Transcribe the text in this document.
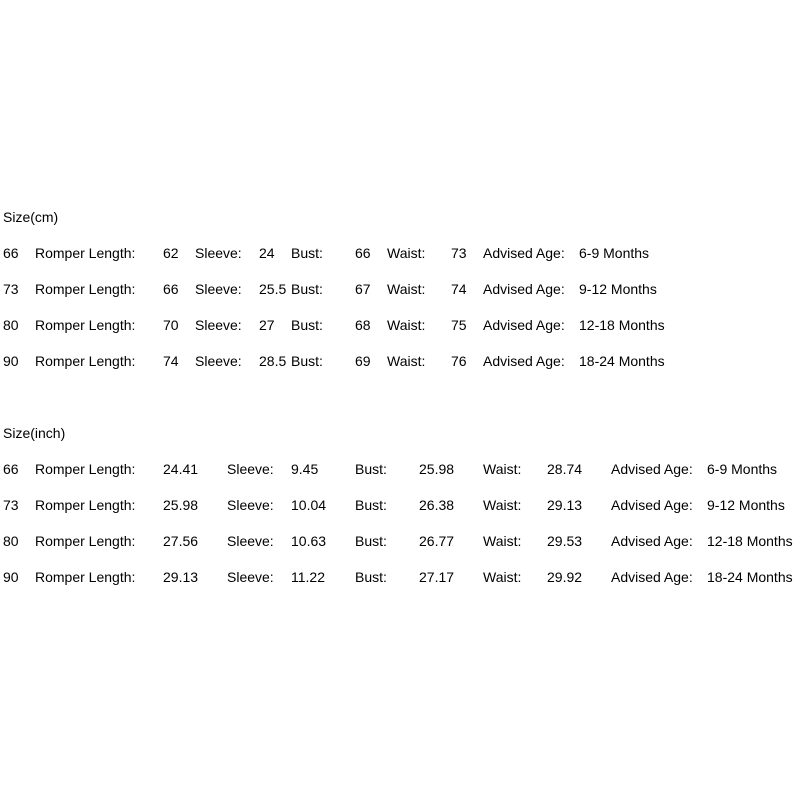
Size(cm)
66 Romper Length: 62 Sleeve: 24 Bust: 66 Waist: 73 Advised Age: 6-9 Months
73 Romper Length: 66 Sleeve: 25.5 Bust: 67 Waist: 74 Advised Age: 9-12 Months
80 Romper Length: 70 Sleeve: 27 Bust: 68 Waist: 75 Advised Age: 12-18 Months
90 Romper Length: 74 Sleeve: 28.5 Bust: 69 Waist: 76 Advised Age: 18-24 Months
Size(inch)
66 Romper Length: 24.41 Sleeve: 9.45	Bust: 25.98 Waist: 28.74 Advised Age: 6-9 Months
73 Romper Length: 25.98 Sleeve: 10.04 Bust: 26.38 Waist: 29.13 Advised Age: 9-12 Months
80 Romper Length: 27.56 Sleeve: 10.63 Bust: 26.77 Waist: 29.53 Advised Age: 12-18 Months
90 Romper Length: 29.13 Sleeve: 11.22 Bust: 27.17 Waist: 29.92 Advised Age: 18-24 Months
